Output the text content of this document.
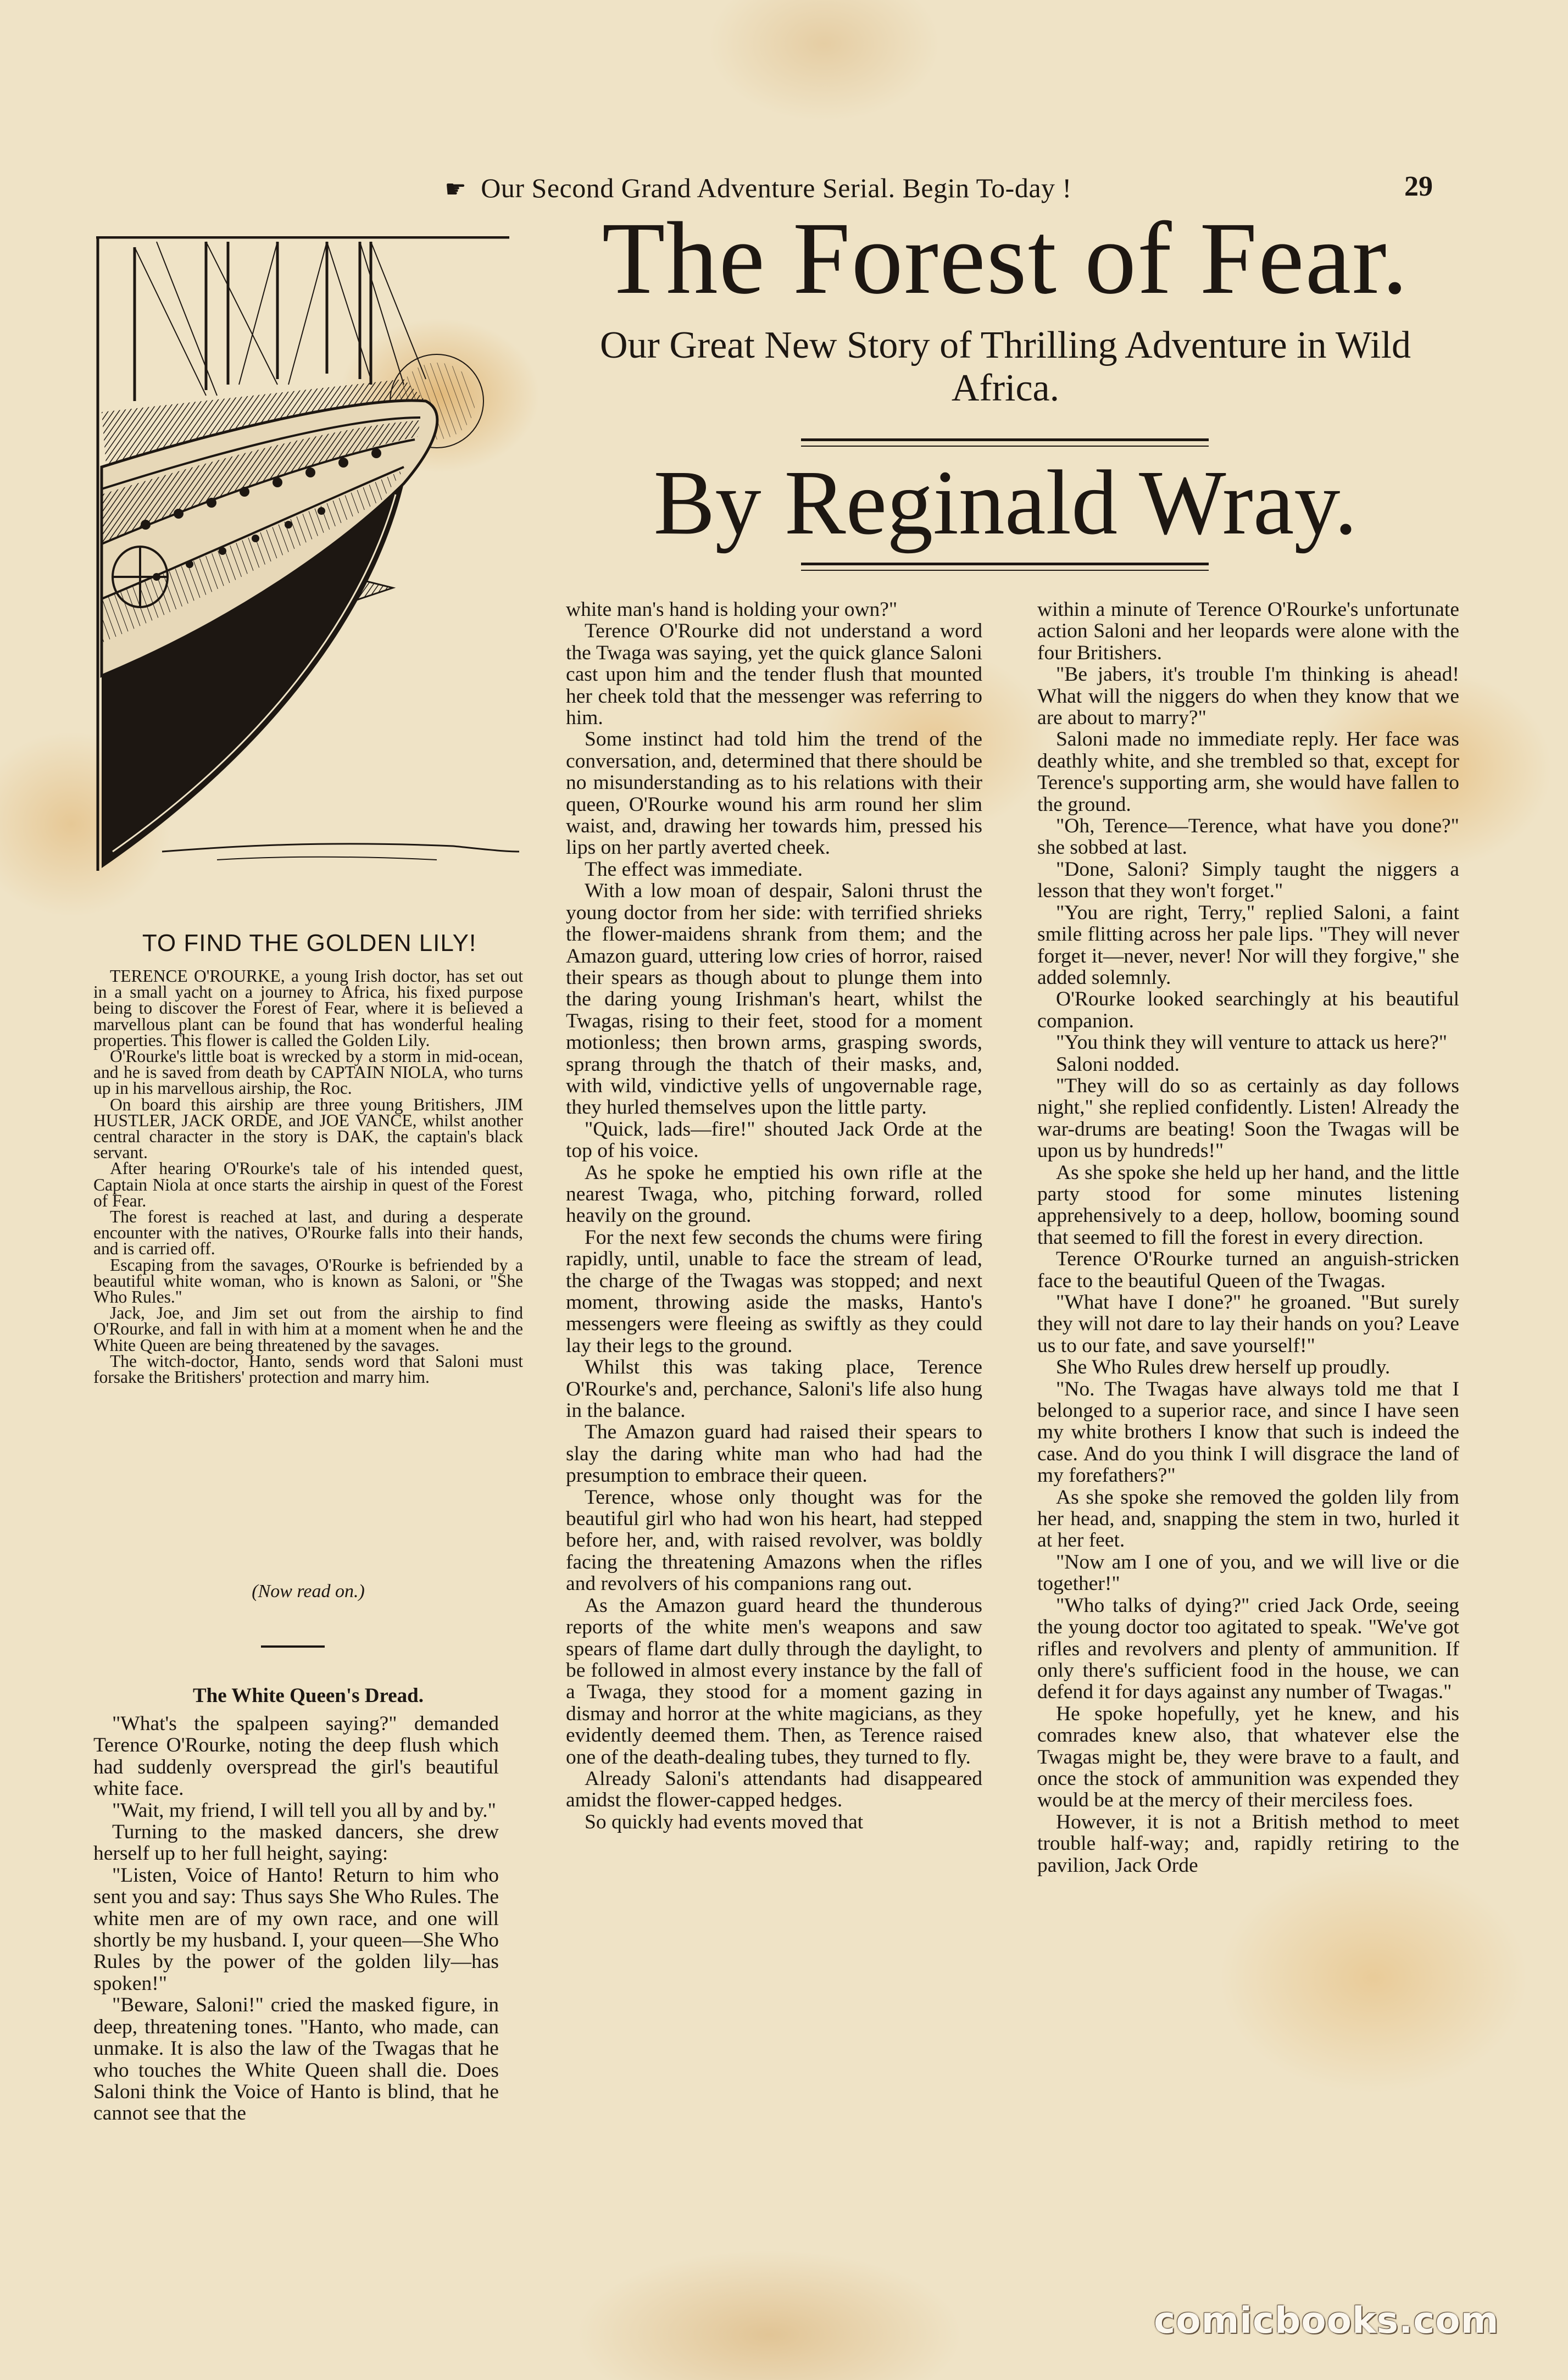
☛ Our Second Grand Adventure Serial. Begin To-day !	29
The Forest of Fear.
Our Great New Story of Thrilling Adventure in Wild Africa.
By Reginald Wray.
TO FIND THE GOLDEN LILY!

TERENCE O'ROURKE, a young Irish doctor, has set out in a small yacht on a journey to Africa, his fixed purpose being to discover the Forest of Fear, where it is believed a marvellous plant can be found that has wonderful healing properties. This flower is called the Golden Lily.

O'Rourke's little boat is wrecked by a storm in mid-ocean, and he is saved from death by CAPTAIN NIOLA, who turns up in his marvellous airship, the Roc.

On board this airship are three young Britishers, JIM HUSTLER, JACK ORDE, and JOE VANCE, whilst another central character in the story is DAK, the captain's black servant.

After hearing O'Rourke's tale of his intended quest, Captain Niola at once starts the airship in quest of the Forest of Fear.

The forest is reached at last, and during a desperate encounter with the natives, O'Rourke falls into their hands, and is carried off.

Escaping from the savages, O'Rourke is befriended by a beautiful white woman, who is known as Saloni, or "She Who Rules."

Jack, Joe, and Jim set out from the airship to find O'Rourke, and fall in with him at a moment when he and the White Queen are being threatened by the savages.

The witch-doctor, Hanto, sends word that Saloni must forsake the Britishers' protection and marry him.

(Now read on.)
The White Queen's Dread.

"What's the spalpeen saying?" demanded Terence O'Rourke, noting the deep flush which had suddenly overspread the girl's beautiful white face.

"Wait, my friend, I will tell you all by and by."

Turning to the masked dancers, she drew herself up to her full height, saying:

"Listen, Voice of Hanto! Return to him who sent you and say: Thus says She Who Rules. The white men are of my own race, and one will shortly be my husband. I, your queen—She Who Rules by the power of the golden lily—has spoken!"

"Beware, Saloni!" cried the masked figure, in deep, threatening tones. "Hanto, who made, can unmake. It is also the law of the Twagas that he who touches the White Queen shall die. Does Saloni think the Voice of Hanto is blind, that he cannot see that the

white man's hand is holding your own?"

Terence O'Rourke did not understand a word the Twaga was saying, yet the quick glance Saloni cast upon him and the tender flush that mounted her cheek told that the messenger was referring to him.

Some instinct had told him the trend of the conversation, and, determined that there should be no misunderstanding as to his relations with their queen, O'Rourke wound his arm round her slim waist, and, drawing her towards him, pressed his lips on her partly averted cheek.

The effect was immediate.

With a low moan of despair, Saloni thrust the young doctor from her side: with terrified shrieks the flower-maidens shrank from them; and the Amazon guard, uttering low cries of horror, raised their spears as though about to plunge them into the daring young Irishman's heart, whilst the Twagas, rising to their feet, stood for a moment motionless; then brown arms, grasping swords, sprang through the thatch of their masks, and, with wild, vindictive yells of ungovernable rage, they hurled themselves upon the little party.

"Quick, lads—fire!" shouted Jack Orde at the top of his voice.

As he spoke he emptied his own rifle at the nearest Twaga, who, pitching forward, rolled heavily on the ground.

For the next few seconds the chums were firing rapidly, until, unable to face the stream of lead, the charge of the Twagas was stopped; and next moment, throwing aside the masks, Hanto's messengers were fleeing as swiftly as they could lay their legs to the ground.

Whilst this was taking place, Terence O'Rourke's and, perchance, Saloni's life also hung in the balance.

The Amazon guard had raised their spears to slay the daring white man who had had the presumption to embrace their queen.

Terence, whose only thought was for the beautiful girl who had won his heart, had stepped before her, and, with raised revolver, was boldly facing the threatening Amazons when the rifles and revolvers of his companions rang out.

As the Amazon guard heard the thunderous reports of the white men's weapons and saw spears of flame dart dully through the daylight, to be followed in almost every instance by the fall of a Twaga, they stood for a moment gazing in dismay and horror at the white magicians, as they evidently deemed them. Then, as Terence raised one of the death-dealing tubes, they turned to fly.

Already Saloni's attendants had disappeared amidst the flower-capped hedges.

So quickly had events moved that

within a minute of Terence O'Rourke's unfortunate action Saloni and her leopards were alone with the four Britishers.

"Be jabers, it's trouble I'm thinking is ahead! What will the niggers do when they know that we are about to marry?"

Saloni made no immediate reply. Her face was deathly white, and she trembled so that, except for Terence's supporting arm, she would have fallen to the ground.

"Oh, Terence—Terence, what have you done?" she sobbed at last.

"Done, Saloni? Simply taught the niggers a lesson that they won't forget."

"You are right, Terry," replied Saloni, a faint smile flitting across her pale lips. "They will never forget it—never, never! Nor will they forgive," she added solemnly.

O'Rourke looked searchingly at his beautiful companion.

"You think they will venture to attack us here?"

Saloni nodded.

"They will do so as certainly as day follows night," she replied confidently. Listen! Already the war-drums are beating! Soon the Twagas will be upon us by hundreds!"

As she spoke she held up her hand, and the little party stood for some minutes listening apprehensively to a deep, hollow, booming sound that seemed to fill the forest in every direction.

Terence O'Rourke turned an anguish-stricken face to the beautiful Queen of the Twagas.

"What have I done?" he groaned. "But surely they will not dare to lay their hands on you? Leave us to our fate, and save yourself!"

She Who Rules drew herself up proudly.

"No. The Twagas have always told me that I belonged to a superior race, and since I have seen my white brothers I know that such is indeed the case. And do you think I will disgrace the land of my forefathers?"

As she spoke she removed the golden lily from her head, and, snapping the stem in two, hurled it at her feet.

"Now am I one of you, and we will live or die together!"

"Who talks of dying?" cried Jack Orde, seeing the young doctor too agitated to speak. "We've got rifles and revolvers and plenty of ammunition. If only there's sufficient food in the house, we can defend it for days against any number of Twagas."

He spoke hopefully, yet he knew, and his comrades knew also, that whatever else the Twagas might be, they were brave to a fault, and once the stock of ammunition was expended they would be at the mercy of their merciless foes.

However, it is not a British method to meet trouble half-way; and, rapidly retiring to the pavilion, Jack Orde

comicbooks.com
